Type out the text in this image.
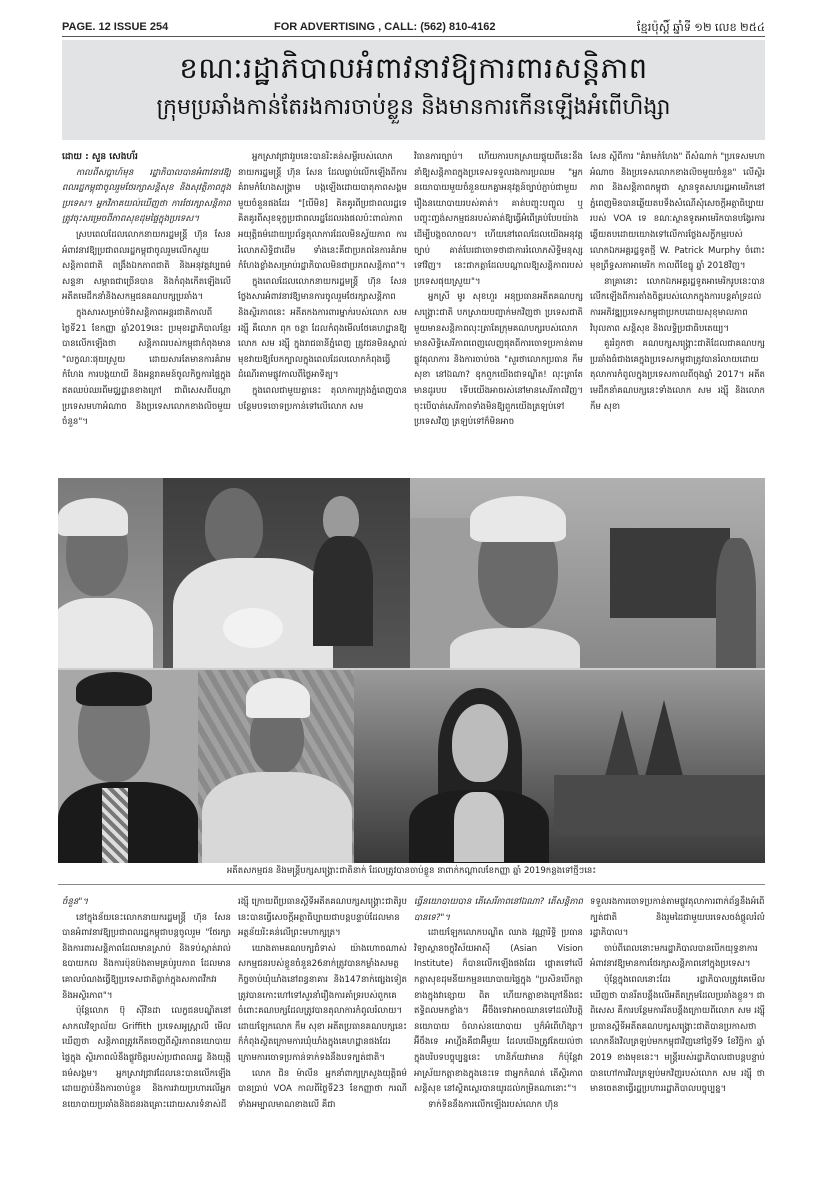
PAGE. 12 ISSUE 254	FOR ADVERTISING , CALL: (562) 810-4162	ខ្មែរប៉ុស្តិ៍ ឆ្នាំទី ១២ លេខ ២៥៤
ខណៈរដ្ឋាភិបាលអំពាវនាវឱ្យការពារសន្តិភាព
ក្រុមប្រឆាំងកាន់តែរងការចាប់ខ្លួន និងមានការកើនឡើងអំពើហិង្សា

ដោយ : សួន សេងហ័រ

កាលពីសប្តាហ៍មុន រដ្ឋាភិបាលបានអំពាវនាវឱ្យពលរដ្ឋកម្ពុជាចូលរួមថែរក្សាសន្តិសុខ និងសុវត្ថិភាពក្នុងប្រទេស។ អ្នកវិភាគយល់ឃើញថា ការថែរក្សាសន្តិភាពត្រូវចុះសម្រេចពីភាពសុខដុមផ្ទៃក្នុងប្រទេស។

ស្របពេលដែលលោកនាយករដ្ឋមន្ត្រី ហ៊ុន សែន អំពាវនាវឱ្យប្រជាពលរដ្ឋកម្ពុជាចូលរួមលើកស្ទួយសន្តិភាពជាតិ ពង្រឹងឯកភាពជាតិ និងអនុវត្តវប្បធម៌សន្ទនា សម្ភាធជាច្រើនបាន និងកំពុងកើតឡើងលើអតីតមេដឹកនាំនិងសកម្មជនគណបក្សប្រឆាំង។

ក្នុងសារសម្រាប់ទិវាសន្តិភាពអន្តរជាតិកាលពីថ្ងៃទី21 ខែកញ្ញា ឆ្នាំ2019នេះ ប្រមុខរដ្ឋាភិបាលខ្មែរបានលើកឡើងថា សន្តិភាពរបស់កម្ពុជាកំពុងមាន "លក្ខណៈផុយស្រួយ ដោយសារតែមានការគំរាមកំហែង ការបង្កយាយី និងអន្តរាគមន៍ចូលកិច្ចការផ្ទៃក្នុងឥតឈប់ឈរពីមជ្ឈដ្ឋានខាងក្រៅ ជាពិសេសពីបណ្តាប្រទេសមហាអំណាច និងប្រទេសលោកខាងលិចមួយចំនួន"។

អ្នកស្រាវជ្រាវរូបនេះបានរិះគន់សម្តីរបស់លោកនាយករដ្ឋមន្ត្រី ហ៊ុន សែន ដែលធ្លាប់លើកឡើងពីការគំរាមកំហែងសង្គ្រាម បង្កឡើងដោយបាតុភាពសង្គមមួយចំនួនផងដែរ "[បើមិន] គិតគូរពីប្រជាពលរដ្ឋទេ គិតគូរពីសុខទុក្ខប្រជាពលរដ្ឋដែលរងផលប៉ះពាល់ភាពអយុត្តិធម៌ដោយប្រព័ន្ធតុលាការដែលមិនស្វ័យភាព ការរំលោភសិទ្ធិជាដើម ទាំងនេះគឺជាប្រភពនៃការគំរាមកំហែងខ្លាំងសម្រាប់រដ្ឋាភិបាលមិនជាប្រភពសន្តិភាព"។

ក្នុងពេលដែលលោកនាយករដ្ឋមន្ត្រី ហ៊ុន សែន ថ្លែងសារអំពាវនាវឱ្យមានការចូលរួមថែរក្សាសន្តិភាព និងស្ថិរភាពនេះ អតីតកងការពារម្នាក់របស់លោក សម រង្ស៊ី គឺលោក ពុក ចន្ថា ដែលកំពុងមើលថែគេហដ្ឋានឱ្យលោក សម រង្ស៊ី ក្នុងរាជធានីភ្នំពេញ ត្រូវជនមិនស្គាល់មុខវាយឱ្យបែកក្បាលក្នុងពេលដែលលោកកំពុងធ្វើដំណើរតាមផ្លូវកាលពីថ្ងៃអាទិត្យ។

ក្នុងពេលជាមួយគ្នានេះ តុលាការក្រុងភ្នំពេញបានបន្ថែមបទចោទប្រកាន់ទៅលើលោក សម

វិធានការច្បាប់។ ហើយការបកស្រាយផ្ទុយពីនេះនឹងនាំឱ្យសន្តិភាពក្នុងប្រទេសទទួលរងការប្រឈម "អ្នកនយោបាយមួយចំនួនយកគ្នាអនុវត្តន៍ច្បាប់ភ្ជាប់ជាមួយរឿងនយោបាយរបស់គាត់។ គាត់បញ្ចុះបញ្ចូល ឬបញ្ចុះញ្ចង់សកម្មជនរបស់គាត់ឱ្យធ្វើអំពើគ្រប់បែបយ៉ាងដើម្បីបង្កចលាចល។ ហើយនៅពេលដែលយើងអនុវត្តច្បាប់ គាត់បែរជាចោទថាជាការរំលោភសិទ្ធិមនុស្សទៅវិញ។ នេះជាកត្តាដែលបណ្តាលឱ្យសន្តិភាពរបស់ប្រទេសផុយស្រួយ"។

អ្នកស្រី មូរ សុខហួរ អនុប្រធានអតីតគណបក្សសង្គ្រោះជាតិ បកស្រាយបញ្ជាក់មកវិញថា ប្រទេសជាតិមួយមានសន្តិភាពលុះត្រាតែក្រុមគណបក្សរបស់លោកមានសិទ្ធិសេរីភាពពេញលេញផុតពីការចោទប្រកាន់តាមផ្លូវតុលាការ និងការចាប់ចង "សួរថាលោកប្រធាន កឹម សុខា នៅឯណា? ឧុកពួកយើងជាទណ្ឌិត! លុះត្រាតែមានដូរបប ទើបយើងអាចរស់នៅមានសេរីភាពវិញ។ ចុះបើបាត់សេរីភាពទាំងមិនឱ្យពួកយើងត្រឡប់ទៅប្រទេសវិញ ត្រឡប់ទៅក៏មិនអាច

សែន ស្តីពីការ "គំរាមកំហែង" ពីសំណាក់ "ប្រទេសមហាអំណាច និងប្រទេសលោកខាងលិចមួយចំនួន" លើស្ថិរភាព និងសន្តិភាពកម្ពុជា ស្ថានទូតសហរដ្ឋអាមេរិកនៅភ្នំពេញមិនបានឆ្លើយតបទឹងសំណើសុំសេចក្តីអត្ថាធិប្បាយរបស់ VOA ទេ ខណៈស្ថានទូតអាមេរិកបានបង្វែរការឆ្លើយតបដោយយោងទៅលើការថ្លែងសក្ខីកម្មរបស់លោកឯកអគ្គរដ្ឋទូតថ្មី W. Patrick Murphy ចំពោះមុខព្រឹទ្ធសភាអាមេរិក កាលពីខែធ្នូ ឆ្នាំ 2018វិញ។

នាគ្រានោះ លោកឯកអគ្គរដ្ឋទូតអាមេរិករូបនេះបានលើកឡើងពីការតាំងចិត្តរបស់លោកក្នុងការបន្តគាំទ្រដល់ការអភិវឌ្ឍប្រទេសកម្ពុជាប្រកបដោយសុខុមាលភាព វិបុលភាព សន្តិសុខ និងលទ្ធិប្រជាធិបតេយ្យ។

គួររំឭកថា គណបក្សសង្គ្រោះជាតិដែលជាគណបក្សប្រឆាំងធំជាងគេក្នុងប្រទេសកម្ពុជាត្រូវបានរំលាយដោយតុលាការកំពូលក្នុងប្រទេសកាលពីចុងឆ្នាំ 2017។ អតីតមេដឹកនាំគណបក្សនេះទាំងលោក សម រង្ស៊ី និងលោក កឹម សុខា

អតីតសកម្មជន និងមន្ត្រីបក្សសង្គ្រោះជាតិនាក់ ដែលត្រូវបានចាប់ខ្លួន នាពាក់កណ្តាលខែកញ្ញា ឆ្នាំ 2019កន្លងទៅថ្មីៗនេះ

ចំនួន"។

នៅក្នុងន័យនេះលោកនាយករដ្ឋមន្ត្រី ហ៊ុន សែន បានអំពាវនាវឱ្យប្រជាពលរដ្ឋកម្ពុជាបន្តចូលរួម "ថែរក្សានិងការពារសន្តិភាពដែលមានស្រាប់ និងទប់ស្កាត់រាល់ឧបាយកល និងការប៉ុនប៉ងតាមគ្រប់រូបភាព ដែលមានគោលបំណងធ្វើឱ្យប្រទេសជាតិធ្លាក់ក្នុងសភាពវឹកវរ និងអស្ថិរភាព"។

ប៉ុន្តែលោក ប៊ុ ស៊ីវិនដា លេក្ខជនបណ្ឌិតនៅសាកលវិទ្យាល័យ Griffith ប្រទេសអូស្ត្រាលី មើលឃើញថា សន្តិភាពត្រូវកើតចេញពីស្ថិរភាពនយោបាយផ្ទៃក្នុង ស្ថិរភាពលំនឹងផ្លូវចិត្តរបស់ប្រជាពលរដ្ឋ និងយុត្តិធម៌សង្គម។ អ្នកស្រាវជ្រាវដែលនេះបានលើកឡើង ដោយភ្ជាប់នឹងការចាប់ខ្លួន និងការវាយប្រហារលើអ្នកនយោបាយប្រឆាំងនិងជនរងគ្រោះដោយសារទំនាស់ដី

រង្ស៊ី ក្រោយពីប្រធានស្តីទីអតីតគណបក្សសង្គ្រោះជាតិរូបនេះបានធ្វើសេចក្តីអត្ថាធិប្បាយជាបន្តបន្ទាប់ដែលមានអត្ថន័យរិះគន់លើព្រះមហាក្សត្រ។

យោងតាមគណបក្សជំទាស់ យ៉ាងហោចណាស់សកម្មជនរបស់ខ្លួនចំនួន26នាក់ត្រូវបានកម្លាំងសមត្ថកិច្ចចាប់ឃុំឃាំងនៅពន្ធនាគារ និង147នាក់ផ្សេងទៀត ត្រូវបានកោះហៅទៅសួរនាំរឿងការគាំទ្ររបស់ពួកគេចំពោះគណបក្សដែលត្រូវបានតុលាការកំពូលរំលាយ។ ដោយឡែកលោក កឹម សុខា អតីតប្រធានគណបក្សនេះក៏កំពុងស្ថិតក្រោមការឃុំឃាំងក្នុងគេហដ្ឋានផងដែរ ក្រោមការចោទប្រកាន់ទាក់ទងនឹងបទក្បត់ជាតិ។

លោក ជិន ម៉ាលីន អ្នកនាំពាក្យក្រសួងយុត្តិធម៌បានប្រាប់ VOA កាលពីថ្ងៃទី23 ខែកញ្ញាថា ករណីទាំងអម្បាលមាណខាងលើ គឺជា

ធ្វើនយោបាយបាន តើសេរីភាពនៅឯណា? តើសន្តិភាពបានទេ?"។

ដោយឡែកលោកបណ្ឌិត ឈាង វណ្ណារិទ្ធិ ប្រធានវិទ្យាស្ថានចក្ខុវិស័យអាស៊ី (Asian Vision Institute) ក៏បានលើកឡើងផងដែរ ផ្តោតទៅលើកត្តាសុខដុមនីយកម្មនយោបាយផ្ទៃក្នុង "ប្រសិនបើកត្តាខាងក្នុងវាខ្សោយ ពិត ហើយកត្តាខាងក្រៅនឹងជះឥទ្ធិពលមកខ្លាំង។ អ៊ីចឹងទេវាអាចឈានទៅដល់វិបត្តិនយោបាយ ចំលាស់នយោបាយ ឬក៏អំពើហិង្សា។ អ៊ីចឹងទេ អាហ្នឹងគឺជាអ៊ីមួយ ដែលយើងត្រូវតែយល់ថា ក្នុងបរិបទបច្ចុប្បន្ននេះ ហានិភ័យវាមាន ក៏ប៉ុន្តែវាអាស្រ័យកត្តាខាងក្នុងនេះទេ ជាអ្នកកំណត់ តើស្ថិរភាព សន្តិសុខ នៅស្ថិតស្ថេរបានយូរដល់កម្រិតណានោះ"។

ទាក់ទិននឹងការលើកឡើងរបស់លោក ហ៊ុន

ទទួលរងការចោទប្រកាន់តាមផ្លូវតុលាការពាក់ព័ន្ធនឹងអំពើក្បត់ជាតិ និងរួមដៃជាមួយបរទេសចង់ផ្តួលរំលំរដ្ឋាភិបាល។

ចាប់ពីពេលនោះមករដ្ឋាភិបាលបានបើកយុទ្ធនាការអំពាវនាវឱ្យមានការថែរក្សាសន្តិភាពនៅក្នុងប្រទេស។

ប៉ុន្តែក្នុងពេលនោះដែរ រដ្ឋាភិបាលត្រូវគេមើលឃើញថា បានរឹតបន្តឹងលើអតីតក្រុមដែលប្រឆាំងខ្លួន។ ជាពិសេស គឺការបន្ថែមការរឹតបន្តឹងក្រោយពីលោក សម រង្ស៊ី ប្រធានស្តីទីអតីតគណបក្សសង្គ្រោះជាតិបានប្រកាសថាលោកនឹងវិលត្រឡប់មកកម្ពុជាវិញនៅថ្ងៃទី9 ខែវិច្ឆិកា ឆ្នាំ 2019 ខាងមុខនេះ។ មន្ត្រីរបស់រដ្ឋាភិបាលជាបន្តបន្ទាប់បានហៅការវិលត្រឡប់មកវិញរបស់លោក សម រង្ស៊ី ថាមានចេតនាធ្វើរដ្ឋប្រហាររដ្ឋាភិបាលបច្ចុប្បន្ន។
